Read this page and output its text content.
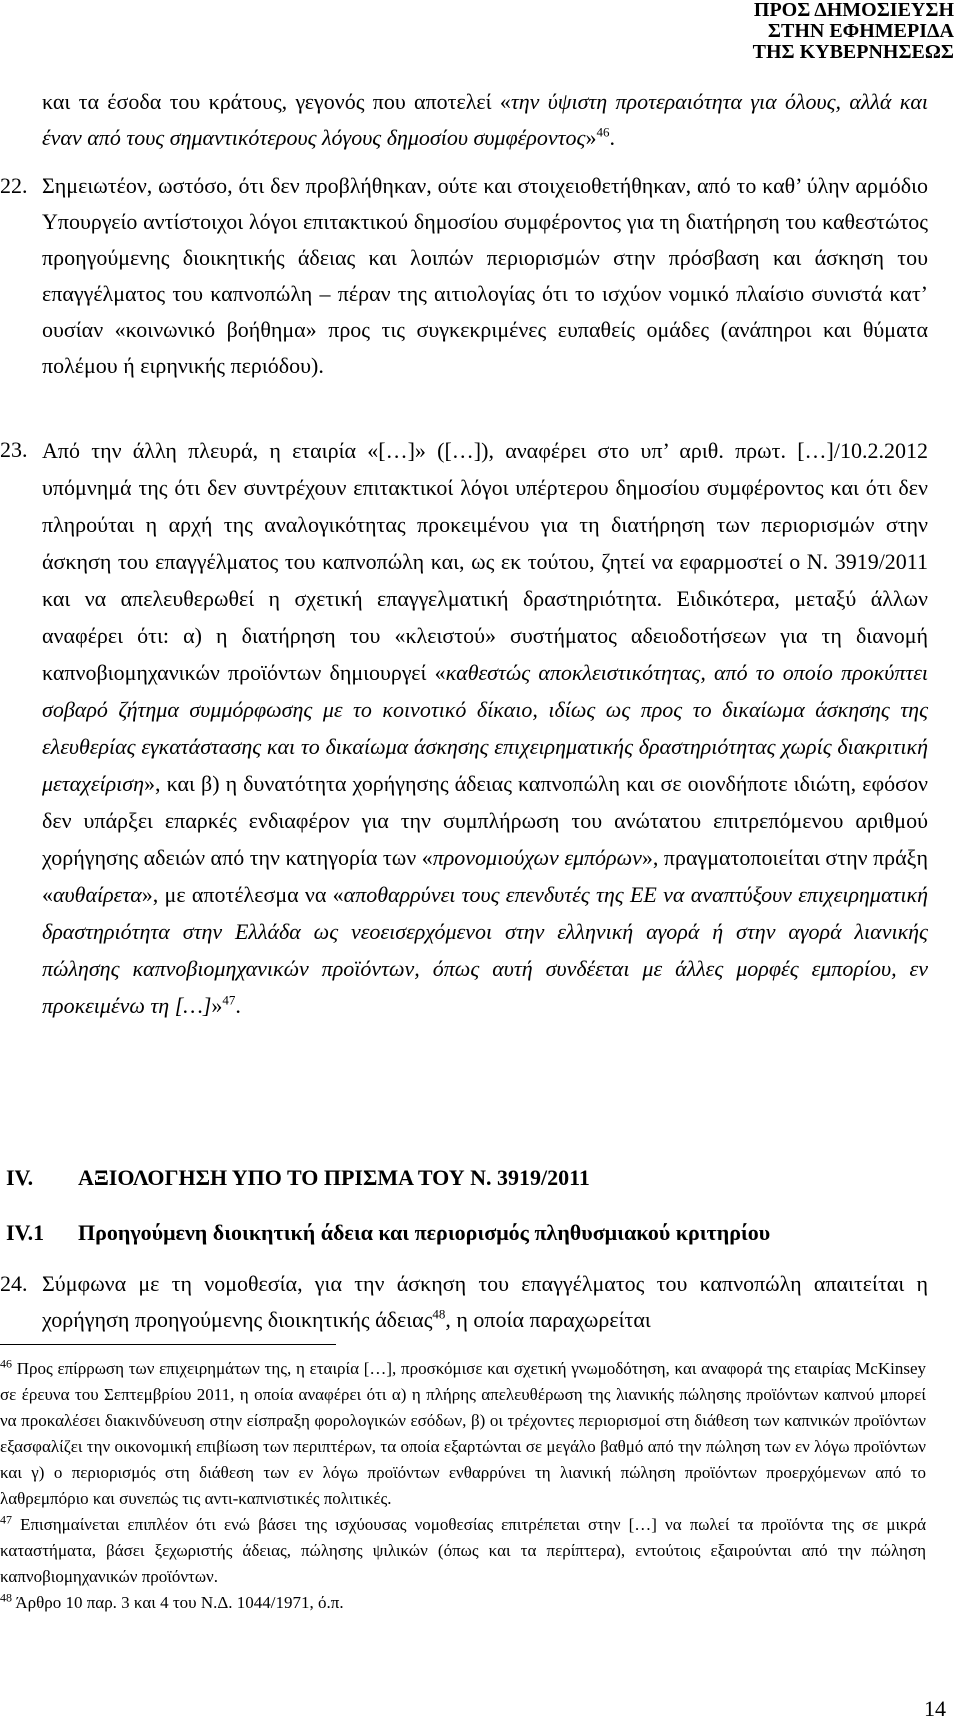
ΠΡΟΣ ΔΗΜΟΣΙΕΥΣΗ
ΣΤΗΝ ΕΦΗΜΕΡΙΔΑ
ΤΗΣ ΚΥΒΕΡΝΗΣΕΩΣ

και τα έσοδα του κράτους, γεγονός που αποτελεί «την ύψιστη προτεραιότητα για όλους, αλλά και έναν από τους σημαντικότερους λόγους δημοσίου συμφέροντος»$^{46}$.

22. Σημειωτέον, ωστόσο, ότι δεν προβλήθηκαν, ούτε και στοιχειοθετήθηκαν, από το καθ’ ύλην αρμόδιο Υπουργείο αντίστοιχοι λόγοι επιτακτικού δημοσίου συμφέροντος για τη διατήρηση του καθεστώτος προηγούμενης διοικητικής άδειας και λοιπών περιορισμών στην πρόσβαση και άσκηση του επαγγέλματος του καπνοπώλη – πέραν της αιτιολογίας ότι το ισχύον νομικό πλαίσιο συνιστά κατ’ ουσίαν «κοινωνικό βοήθημα» προς τις συγκεκριμένες ευπαθείς ομάδες (ανάπηροι και θύματα πολέμου ή ειρηνικής περιόδου).

23. Από την άλλη πλευρά, η εταιρία «[…]» ([…]), αναφέρει στο υπ’ αριθ. πρωτ. […]/10.2.2012 υπόμνημά της ότι δεν συντρέχουν επιτακτικοί λόγοι υπέρτερου δημοσίου συμφέροντος και ότι δεν πληρούται η αρχή της αναλογικότητας προκειμένου για τη διατήρηση των περιορισμών στην άσκηση του επαγγέλματος του καπνοπώλη και, ως εκ τούτου, ζητεί να εφαρμοστεί ο Ν. 3919/2011 και να απελευθερωθεί η σχετική επαγγελματική δραστηριότητα. Ειδικότερα, μεταξύ άλλων αναφέρει ότι: α) η διατήρηση του «κλειστού» συστήματος αδειοδοτήσεων για τη διανομή καπνοβιομηχανικών προϊόντων δημιουργεί «καθεστώς αποκλειστικότητας, από το οποίο προκύπτει σοβαρό ζήτημα συμμόρφωσης με το κοινοτικό δίκαιο, ιδίως ως προς το δικαίωμα άσκησης της ελευθερίας εγκατάστασης και το δικαίωμα άσκησης επιχειρηματικής δραστηριότητας χωρίς διακριτική μεταχείριση», και β) η δυνατότητα χορήγησης άδειας καπνοπώλη και σε οιονδήποτε ιδιώτη, εφόσον δεν υπάρξει επαρκές ενδιαφέρον για την συμπλήρωση του ανώτατου επιτρεπόμενου αριθμού χορήγησης αδειών από την κατηγορία των «προνομιούχων εμπόρων», πραγματοποιείται στην πράξη «αυθαίρετα», με αποτέλεσμα να «αποθαρρύνει τους επενδυτές της ΕΕ να αναπτύξουν επιχειρηματική δραστηριότητα στην Ελλάδα ως νεοεισερχόμενοι στην ελληνική αγορά ή στην αγορά λιανικής πώλησης καπνοβιομηχανικών προϊόντων, όπως αυτή συνδέεται με άλλες μορφές εμπορίου, εν προκειμένω τη […]»$^{47}$.

IV. ΑΞΙΟΛΟΓΗΣΗ ΥΠΟ ΤΟ ΠΡΙΣΜΑ ΤΟΥ Ν. 3919/2011
IV.1 Προηγούμενη διοικητική άδεια και περιορισμός πληθυσμιακού κριτηρίου
24. Σύμφωνα με τη νομοθεσία, για την άσκηση του επαγγέλματος του καπνοπώλη απαιτείται η χορήγηση προηγούμενης διοικητικής άδειας$^{48}$, η οποία παραχωρείται

$^{46}$ Προς επίρρωση των επιχειρημάτων της, η εταιρία […], προσκόμισε και σχετική γνωμοδότηση, και αναφορά της εταιρίας McKinsey σε έρευνα του Σεπτεμβρίου 2011, η οποία αναφέρει ότι α) η πλήρης απελευθέρωση της λιανικής πώλησης προϊόντων καπνού μπορεί να προκαλέσει διακινδύνευση στην είσπραξη φορολογικών εσόδων, β) οι τρέχοντες περιορισμοί στη διάθεση των καπνικών προϊόντων εξασφαλίζει την οικονομική επιβίωση των περιπτέρων, τα οποία εξαρτώνται σε μεγάλο βαθμό από την πώληση των εν λόγω προϊόντων και γ) ο περιορισμός στη διάθεση των εν λόγω προϊόντων ενθαρρύνει τη λιανική πώληση προϊόντων προερχόμενων από το λαθρεμπόριο και συνεπώς τις αντι-καπνιστικές πολιτικές.

$^{47}$ Επισημαίνεται επιπλέον ότι ενώ βάσει της ισχύουσας νομοθεσίας επιτρέπεται στην […] να πωλεί τα προϊόντα της σε μικρά καταστήματα, βάσει ξεχωριστής άδειας, πώλησης ψιλικών (όπως και τα περίπτερα), εντούτοις εξαιρούνται από την πώληση καπνοβιομηχανικών προϊόντων.

$^{48}$ Άρθρο 10 παρ. 3 και 4 του Ν.Δ. 1044/1971, ό.π.

14
